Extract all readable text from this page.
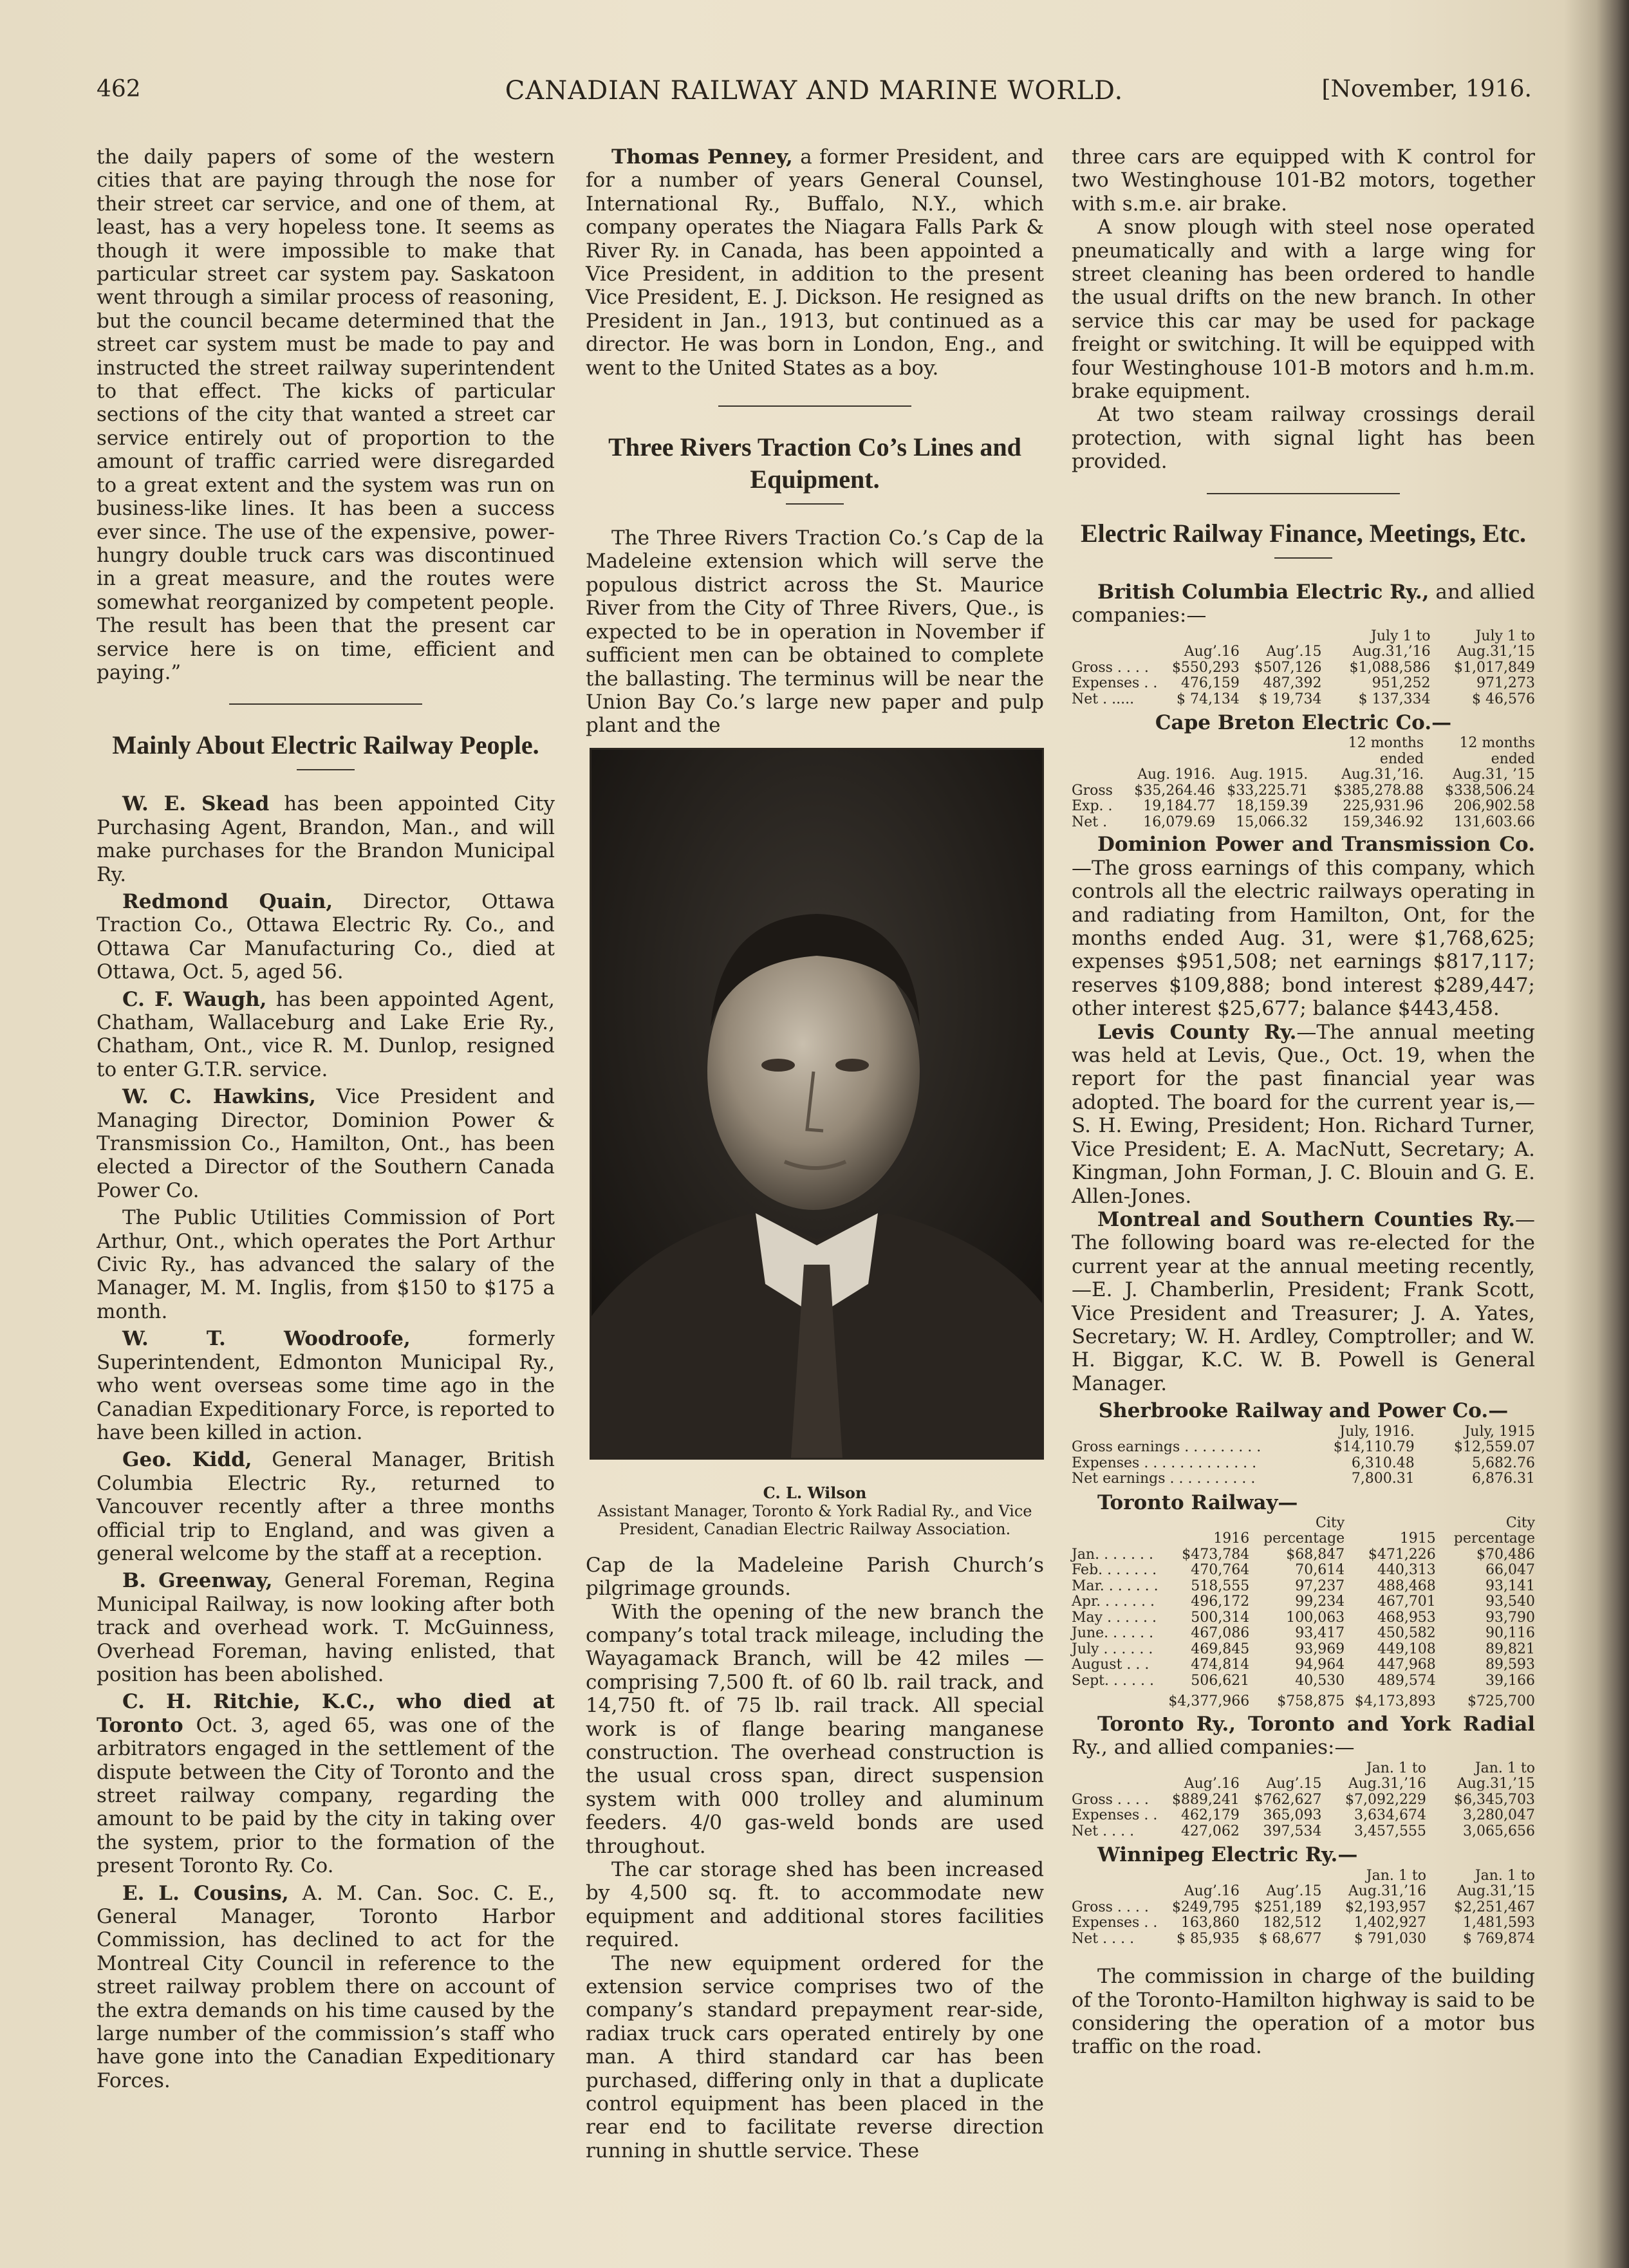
462	CANADIAN RAILWAY AND MARINE WORLD.	[November, 1916.

the daily papers of some of the western cities that are paying through the nose for their street car service, and one of them, at least, has a very hopeless tone. It seems as though it were impossible to make that particular street car system pay. Saskatoon went through a similar process of reasoning, but the council became determined that the street car system must be made to pay and instructed the street railway superintendent to that effect. The kicks of particular sections of the city that wanted a street car service entirely out of proportion to the amount of traffic carried were disregarded to a great extent and the system was run on business-like lines. It has been a success ever since. The use of the expensive, power-hungry double truck cars was discontinued in a great measure, and the routes were somewhat reorganized by competent people. The result has been that the present car service here is on time, efficient and paying.”

Mainly About Electric Railway People.

W. E. Skead has been appointed City Purchasing Agent, Brandon, Man., and will make purchases for the Brandon Municipal Ry.

Redmond Quain, Director, Ottawa Traction Co., Ottawa Electric Ry. Co., and Ottawa Car Manufacturing Co., died at Ottawa, Oct. 5, aged 56.

C. F. Waugh, has been appointed Agent, Chatham, Wallaceburg and Lake Erie Ry., Chatham, Ont., vice R. M. Dunlop, resigned to enter G.T.R. service.

W. C. Hawkins, Vice President and Managing Director, Dominion Power & Transmission Co., Hamilton, Ont., has been elected a Director of the Southern Canada Power Co.

The Public Utilities Commission of Port Arthur, Ont., which operates the Port Arthur Civic Ry., has advanced the salary of the Manager, M. M. Inglis, from $150 to $175 a month.

W. T. Woodroofe, formerly Superintendent, Edmonton Municipal Ry., who went overseas some time ago in the Canadian Expeditionary Force, is reported to have been killed in action.

Geo. Kidd, General Manager, British Columbia Electric Ry., returned to Vancouver recently after a three months official trip to England, and was given a general welcome by the staff at a reception.

B. Greenway, General Foreman, Regina Municipal Railway, is now looking after both track and overhead work. T. McGuinness, Overhead Foreman, having enlisted, that position has been abolished.

C. H. Ritchie, K.C., who died at Toronto Oct. 3, aged 65, was one of the arbitrators engaged in the settlement of the dispute between the City of Toronto and the street railway company, regarding the amount to be paid by the city in taking over the system, prior to the formation of the present Toronto Ry. Co.

E. L. Cousins, A. M. Can. Soc. C. E., General Manager, Toronto Harbor Commission, has declined to act for the Montreal City Council in reference to the street railway problem there on account of the extra demands on his time caused by the large number of the commission’s staff who have gone into the Canadian Expeditionary Forces.

Thomas Penney, a former President, and for a number of years General Counsel, International Ry., Buffalo, N.Y., which company operates the Niagara Falls Park & River Ry. in Canada, has been appointed a Vice President, in addition to the present Vice President, E. J. Dickson. He resigned as President in Jan., 1913, but continued as a director. He was born in London, Eng., and went to the United States as a boy.

Three Rivers Traction Co’s Lines and Equipment.

The Three Rivers Traction Co.’s Cap de la Madeleine extension which will serve the populous district across the St. Maurice River from the City of Three Rivers, Que., is expected to be in operation in November if sufficient men can be obtained to complete the ballasting. The terminus will be near the Union Bay Co.’s large new paper and pulp plant and the

C. L. Wilson
Assistant Manager, Toronto & York Radial Ry., and Vice President, Canadian Electric Railway Association.

Cap de la Madeleine Parish Church’s pilgrimage grounds.

With the opening of the new branch the company’s total track mileage, including the Wayagamack Branch, will be 42 miles —comprising 7,500 ft. of 60 lb. rail track, and 14,750 ft. of 75 lb. rail track. All special work is of flange bearing manganese construction. The overhead construction is the usual cross span, direct suspension system with 000 trolley and aluminum feeders. 4/0 gas-weld bonds are used throughout.

The car storage shed has been increased by 4,500 sq. ft. to accommodate new equipment and additional stores facilities required.

The new equipment ordered for the extension service comprises two of the company’s standard prepayment rear-side, radiax truck cars operated entirely by one man. A third standard car has been purchased, differing only in that a duplicate control equipment has been placed in the rear end to facilitate reverse direction running in shuttle service. These

three cars are equipped with K control for two Westinghouse 101-B2 motors, together with s.m.e. air brake.

A snow plough with steel nose operated pneumatically and with a large wing for street cleaning has been ordered to handle the usual drifts on the new branch. In other service this car may be used for package freight or switching. It will be equipped with four Westinghouse 101-B motors and h.m.m. brake equipment.

At two steam railway crossings derail protection, with signal light has been provided.

Electric Railway Finance, Meetings, Etc.

British Columbia Electric Ry., and allied companies:—

			July 1 to	July 1 to
	Aug’.16	Aug’.15	Aug.31,’16	Aug.31,’15
Gross . . . .	$550,293	$507,126	$1,088,586	$1,017,849
Expenses . .	476,159	487,392	951,252	971,273
Net . .....	$ 74,134	$ 19,734	$ 137,334	$ 46,576
Cape Breton Electric Co.—
			12 months	12 months
			ended	ended
	Aug. 1916.	Aug. 1915.	Aug.31,’16.	Aug.31, ’15
Gross	$35,264.46	$33,225.71	$385,278.88	$338,506.24
Exp. .	19,184.77	18,159.39	225,931.96	206,902.58
Net .	16,079.69	15,066.32	159,346.92	131,603.66

Dominion Power and Transmission Co.—The gross earnings of this company, which controls all the electric railways operating in and radiating from Hamilton, Ont, for the months ended Aug. 31, were $1,768,625; expenses $951,508; net earnings $817,117; reserves $109,888; bond interest $289,447; other interest $25,677; balance $443,458.

Levis County Ry.—The annual meeting was held at Levis, Que., Oct. 19, when the report for the past financial year was adopted. The board for the current year is,—S. H. Ewing, President; Hon. Richard Turner, Vice President; E. A. MacNutt, Secretary; A. Kingman, John Forman, J. C. Blouin and G. E. Allen-Jones.

Montreal and Southern Counties Ry.— The following board was re-elected for the current year at the annual meeting recently,—E. J. Chamberlin, President; Frank Scott, Vice President and Treasurer; J. A. Yates, Secretary; W. H. Ardley, Comptroller; and W. H. Biggar, K.C. W. B. Powell is General Manager.

Sherbrooke Railway and Power Co.—
	July, 1916.	July, 1915
Gross earnings . . . . . . . . .	$14,110.79	$12,559.07
Expenses . . . . . . . . . . . . .	6,310.48	5,682.76
Net earnings . . . . . . . . . .	7,800.31	6,876.31
Toronto Railway—
		City		City
	1916	percentage	1915	percentage
Jan. . . . . . .	$473,784	$68,847	$471,226	$70,486
Feb. . . . . . .	470,764	70,614	440,313	66,047
Mar. . . . . . .	518,555	97,237	488,468	93,141
Apr. . . . . . .	496,172	99,234	467,701	93,540
May . . . . . .	500,314	100,063	468,953	93,790
June. . . . . .	467,086	93,417	450,582	90,116
July . . . . . .	469,845	93,969	449,108	89,821
August . . .	474,814	94,964	447,968	89,593
Sept. . . . . .	506,621	40,530	489,574	39,166
	$4,377,966	$758,875	$4,173,893	$725,700

Toronto Ry., Toronto and York Radial Ry., and allied companies:—

			Jan. 1 to	Jan. 1 to
	Aug’.16	Aug’.15	Aug.31,’16	Aug.31,’15
Gross . . . .	$889,241	$762,627	$7,092,229	$6,345,703
Expenses . .	462,179	365,093	3,634,674	3,280,047
Net . . . .	427,062	397,534	3,457,555	3,065,656
Winnipeg Electric Ry.—
			Jan. 1 to	Jan. 1 to
	Aug’.16	Aug’.15	Aug.31,’16	Aug.31,’15
Gross . . . .	$249,795	$251,189	$2,193,957	$2,251,467
Expenses . .	163,860	182,512	1,402,927	1,481,593
Net . . . .	$ 85,935	$ 68,677	$ 791,030	$ 769,874

The commission in charge of the building of the Toronto-Hamilton highway is said to be considering the operation of a motor bus traffic on the road.
